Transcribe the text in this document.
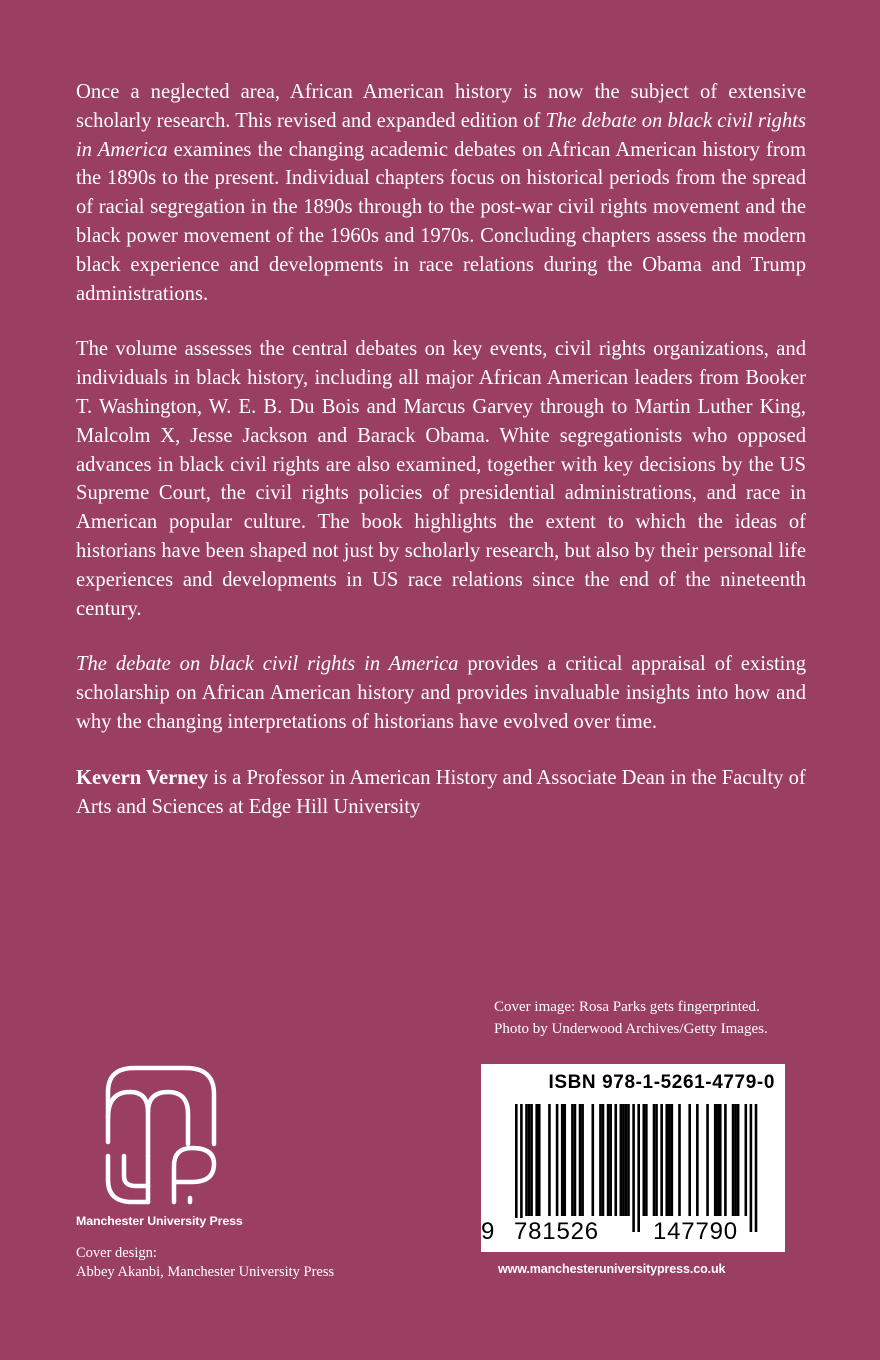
Once a neglected area, African American history is now the subject of extensive scholarly research. This revised and expanded edition of The debate on black civil rights in America examines the changing academic debates on African American history from the 1890s to the present. Individual chapters focus on historical periods from the spread of racial segregation in the 1890s through to the post-war civil rights movement and the black power movement of the 1960s and 1970s. Concluding chapters assess the modern black experience and developments in race relations during the Obama and Trump administrations.

The volume assesses the central debates on key events, civil rights organizations, and individuals in black history, including all major African American leaders from Booker T. Washington, W. E. B. Du Bois and Marcus Garvey through to Martin Luther King, Malcolm X, Jesse Jackson and Barack Obama. White segregationists who opposed advances in black civil rights are also examined, together with key decisions by the US Supreme Court, the civil rights policies of presidential administrations, and race in American popular culture. The book highlights the extent to which the ideas of historians have been shaped not just by scholarly research, but also by their personal life experiences and developments in US race relations since the end of the nineteenth century.

The debate on black civil rights in America provides a critical appraisal of existing scholarship on African American history and provides invaluable insights into how and why the changing interpretations of historians have evolved over time.

Kevern Verney is a Professor in American History and Associate Dean in the Faculty of Arts and Sciences at Edge Hill University

Cover image: Rosa Parks gets fingerprinted. Photo by Underwood Archives/Getty Images.
Manchester University Press
Cover design:
Abbey Akanbi, Manchester University Press
ISBN 978-1-5261-4779-0
9 781526 147790
www.manchesteruniversitypress.co.uk
